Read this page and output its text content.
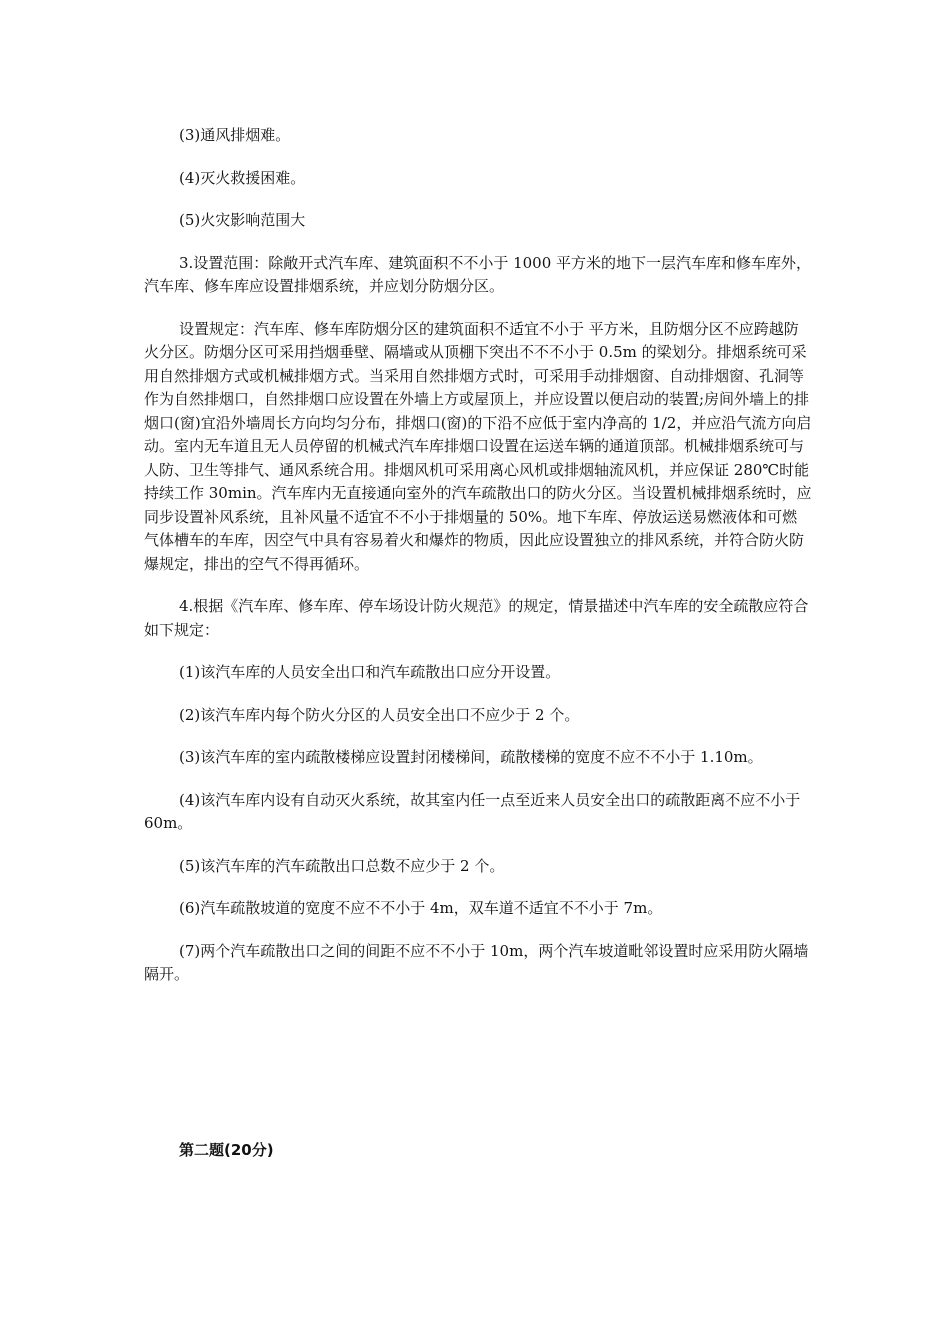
(3)通风排烟难。

(4)灭火救援困难。

(5)火灾影响范围大

3.设置范围：除敞开式汽车库、建筑面积不不小于 1000 平方米的地下一层汽车库和修车库外，汽车库、修车库应设置排烟系统，并应划分防烟分区。

设置规定：汽车库、修车库防烟分区的建筑面积不适宜不小于 平方米，且防烟分区不应跨越防火分区。防烟分区可采用挡烟垂壁、隔墙或从顶棚下突出不不不小于 0.5m 的梁划分。排烟系统可采用自然排烟方式或机械排烟方式。当采用自然排烟方式时，可采用手动排烟窗、自动排烟窗、孔洞等作为自然排烟口，自然排烟口应设置在外墙上方或屋顶上，并应设置以便启动的装置;房间外墙上的排烟口(窗)宜沿外墙周长方向均匀分布，排烟口(窗)的下沿不应低于室内净高的 1/2，并应沿气流方向启动。室内无车道且无人员停留的机械式汽车库排烟口设置在运送车辆的通道顶部。机械排烟系统可与人防、卫生等排气、通风系统合用。排烟风机可采用离心风机或排烟轴流风机，并应保证 280℃时能持续工作 30min。汽车库内无直接通向室外的汽车疏散出口的防火分区。当设置机械排烟系统时，应同步设置补风系统，且补风量不适宜不不小于排烟量的 50%。地下车库、停放运送易燃液体和可燃气体槽车的车库，因空气中具有容易着火和爆炸的物质，因此应设置独立的排风系统，并符合防火防爆规定，排出的空气不得再循环。

4.根据《汽车库、修车库、停车场设计防火规范》的规定，情景描述中汽车库的安全疏散应符合如下规定：

(1)该汽车库的人员安全出口和汽车疏散出口应分开设置。

(2)该汽车库内每个防火分区的人员安全出口不应少于 2 个。

(3)该汽车库的室内疏散楼梯应设置封闭楼梯间，疏散楼梯的宽度不应不不小于 1.10m。

(4)该汽车库内设有自动灭火系统，故其室内任一点至近来人员安全出口的疏散距离不应不小于 60m。

(5)该汽车库的汽车疏散出口总数不应少于 2 个。

(6)汽车疏散坡道的宽度不应不不小于 4m，双车道不适宜不不小于 7m。

(7)两个汽车疏散出口之间的间距不应不不小于 10m，两个汽车坡道毗邻设置时应采用防火隔墙隔开。

第二题(20分)
